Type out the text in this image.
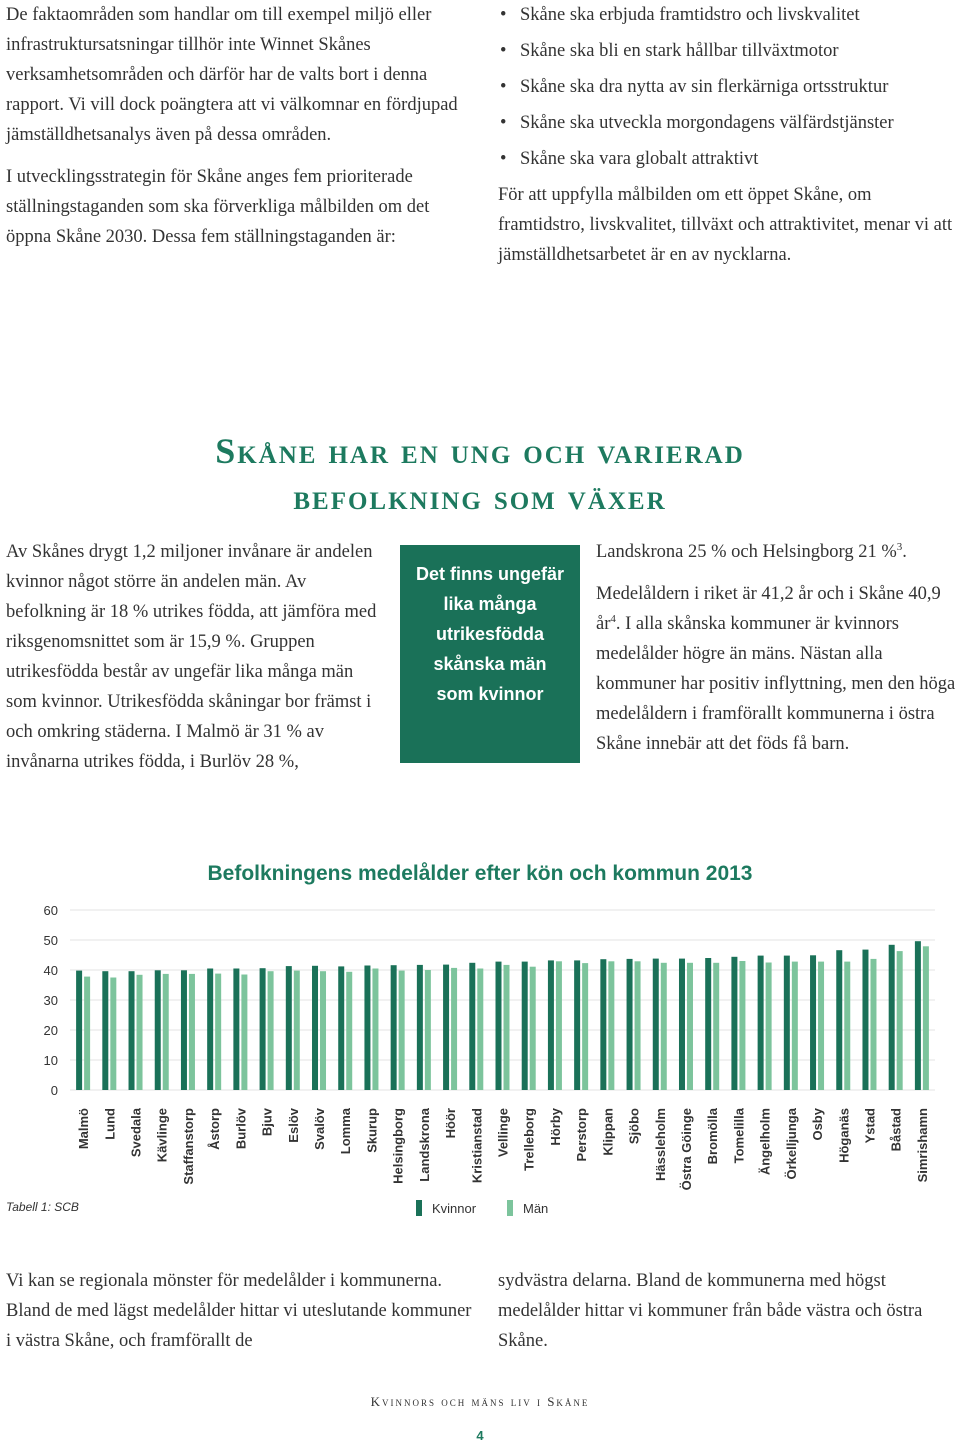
De faktaområden som handlar om till exempel miljö eller infrastruktursatsningar tillhör inte Winnet Skånes verksamhetsområden och därför har de valts bort i denna rapport. Vi vill dock poängtera att vi välkomnar en fördjupad jämställdhetsanalys även på dessa områden.

I utvecklingsstrategin för Skåne anges fem prioriterade ställningstaganden som ska förverkliga målbilden om det öppna Skåne 2030. Dessa fem ställningstaganden är:

• Skåne ska erbjuda framtidstro och livskvalitet
• Skåne ska bli en stark hållbar tillväxtmotor
• Skåne ska dra nytta av sin flerkärniga ortsstruktur
• Skåne ska utveckla morgondagens välfärdstjänster
• Skåne ska vara globalt attraktivt

För att uppfylla målbilden om ett öppet Skåne, om framtidstro, livskvalitet, tillväxt och attraktivitet, menar vi att jämställdhetsarbetet är en av nycklarna.

Skåne har en ung och varierad
befolkning som växer

Av Skånes drygt 1,2 miljoner invånare är andelen kvinnor något större än andelen män. Av befolkning är 18 % utrikes födda, att jämföra med riksgenomsnittet som är 15,9 %. Gruppen utrikesfödda består av ungefär lika många män som kvinnor. Utrikesfödda skåningar bor främst i och omkring städerna. I Malmö är 31 % av invånarna utrikes födda, i Burlöv 28 %,

Det finns ungefär lika många utrikesfödda skånska män som kvinnor

Landskrona 25 % och Helsingborg 21 %$^3$.

Medelåldern i riket är 41,2 år och i Skåne 40,9 $år^4$. I alla skånska kommuner är kvinnors medelålder högre än mäns. Nästan alla kommuner har positiv inflyttning, men den höga medelåldern i framförallt kommunerna i östra Skåne innebär att det föds få barn.

Befolkningens medelålder efter kön och kommun 2013
0
10
20
30
40
50
60
Malmö Lund Svedala Kävlinge Staffanstorp Åstorp Burlöv Bjuv Eslöv Svalöv Lomma Skurup Helsingborg Landskrona Höör Kristianstad Vellinge Trelleborg Hörby Perstorp Klippan Sjöbo Hässleholm Östra Göinge Bromölla Tomelilla Ängelholm Örkelljunga Osby Höganäs Ystad Båstad Simrishamn
Tabell 1: SCB	Kvinnor	Män

Vi kan se regionala mönster för medelålder i kommunerna. Bland de med lägst medelålder hittar vi uteslutande kommuner i västra Skåne, och framförallt de

sydvästra delarna. Bland de kommunerna med högst medelålder hittar vi kommuner från både västra och östra Skåne.

Kvinnors och mäns liv i Skåne
4
